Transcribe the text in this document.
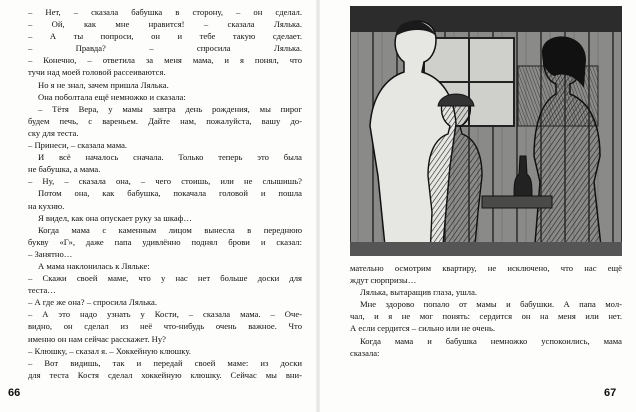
– Нет, – сказала бабушка в сторону, – он сделал.
– Ой, как мне нравится! – сказала Лялька.
– А ты попроси, он и тебе такую сделает.
– Правда? – спросила Лялька.
– Конечно, – ответила за меня мама, и я понял, что
тучи над моей головой рассеиваются.
Но я не знал, зачем пришла Лялька.
Она поболтала ещё немножко и сказала:
– Тётя Вера, у мамы завтра день рождения, мы пирог
будем печь, с вареньем. Дайте нам, пожалуйста, вашу до-
ску для теста.
– Принеси, – сказала мама.
И всё началось сначала. Только теперь это была
не бабушка, а мама.
– Ну, – сказала она, – чего стоишь, или не слышишь?
Потом она, как бабушка, покачала головой и пошла
на кухню.
Я видел, как она опускает руку за шкаф…
Когда мама с каменным лицом вынесла в переднюю
букву «Г», даже папа удивлённо поднял брови и сказал:
– Занятно…
А мама наклонилась к Ляльке:
– Скажи своей маме, что у нас нет больше доски для
теста…
– А где же она? – спросила Лялька.
– А это надо узнать у Кости, – сказала мама. – Оче-
видно, он сделал из неё что-нибудь очень важное. Что
именно он нам сейчас расскажет. Ну?
– Клюшку, – сказал я. – Хоккейную клюшку.
– Вот видишь, так и передай своей маме: из доски
для теста Костя сделал хоккейную клюшку. Сейчас мы вни-
66
мательно осмотрим квартиру, не исключено, что нас ещё
ждут сюрпризы…
Лялька, вытаращив глаза, ушла.
Мне здорово попало от мамы и бабушки. А папа мол-
чал, и я не мог понять: сердится он на меня или нет.
А если сердится – сильно или не очень.
Когда мама и бабушка немножко успокоились, мама
сказала:
67
